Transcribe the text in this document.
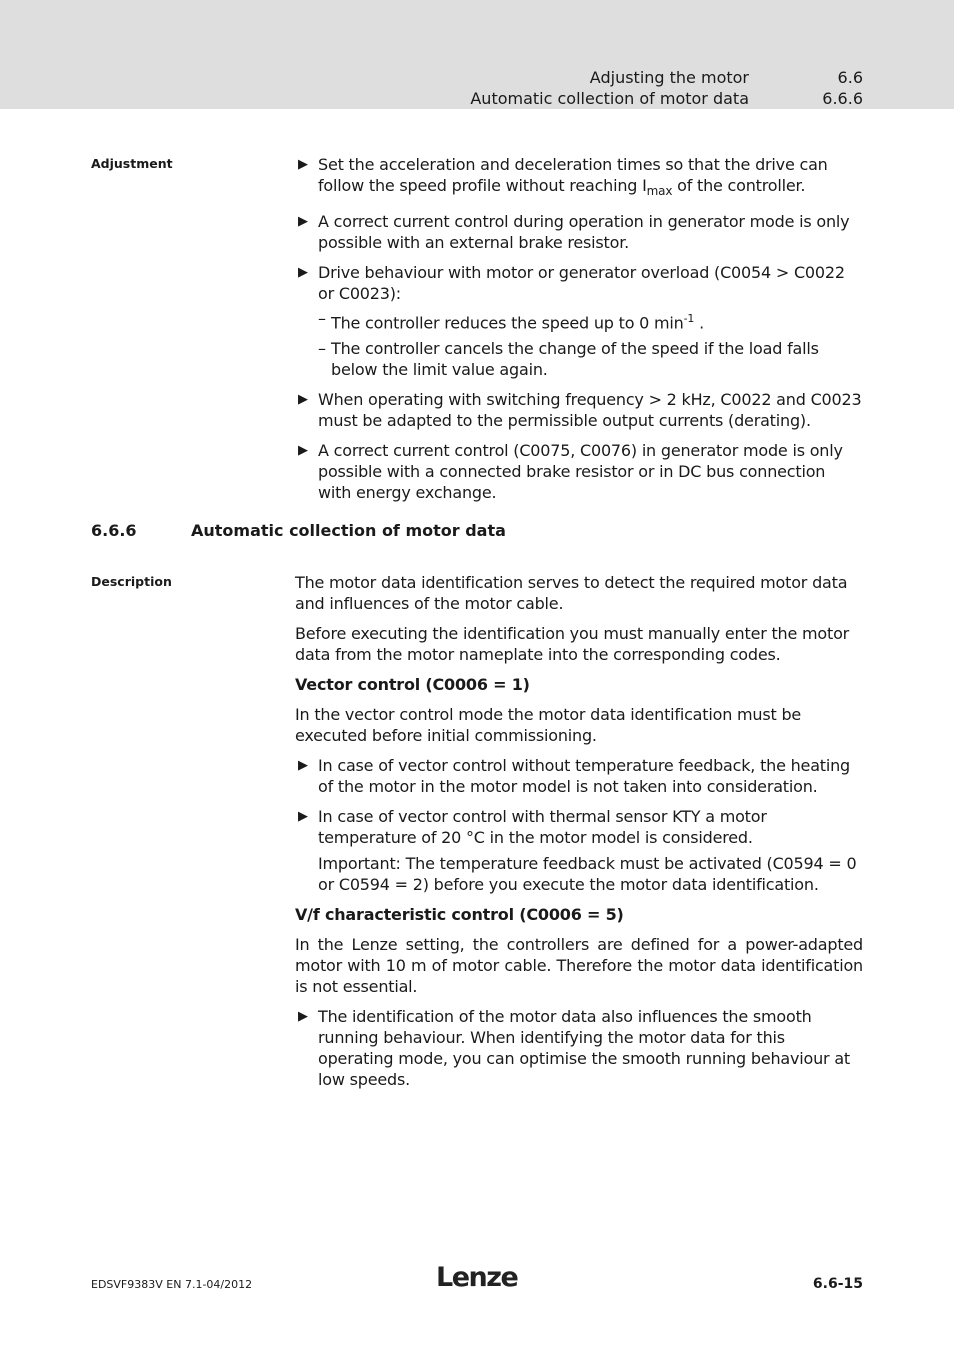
Adjusting the motor	6.6
Automatic collection of motor data	6.6.6
Adjustment
▶	Set the acceleration and deceleration times so that the drive can follow the speed profile without reaching $I_{max}$ of the controller.
▶ A correct current control during operation in generator mode is only possible with an external brake resistor.
▶ Drive behaviour with motor or generator overload (C0054 > C0022 or C0023):
– The controller reduces the speed up to 0 $\min^{-1}$ .
– The controller cancels the change of the speed if the load falls below the limit value again.
▶ When operating with switching frequency > 2 kHz, C0022 and C0023 must be adapted to the permissible output currents (derating).
▶ A correct current control (C0075, C0076) in generator mode is only possible with a connected brake resistor or in DC bus connection with energy exchange.
6.6.6	Automatic collection of motor data
Description	The motor data identification serves to detect the required motor data and influences of the motor cable.
Before executing the identification you must manually enter the motor data from the motor nameplate into the corresponding codes.
Vector control (C0006 = 1)
In the vector control mode the motor data identification must be executed before initial commissioning.
▶ In case of vector control without temperature feedback, the heating of the motor in the motor model is not taken into consideration.
▶ In case of vector control with thermal sensor KTY a motor temperature of 20 °C in the motor model is considered.
Important: The temperature feedback must be activated (C0594 = 0 or C0594 = 2) before you execute the motor data identification.
V/f characteristic control (C0006 = 5)
In the Lenze setting, the controllers are defined for a power-adapted motor with 10 m of motor cable. Therefore the motor data identification is not essential.
▶ The identification of the motor data also influences the smooth running behaviour. When identifying the motor data for this operating mode, you can optimise the smooth running behaviour at low speeds.
EDSVF9383V EN 7.1-04/2012	Lenze	6.6-15
